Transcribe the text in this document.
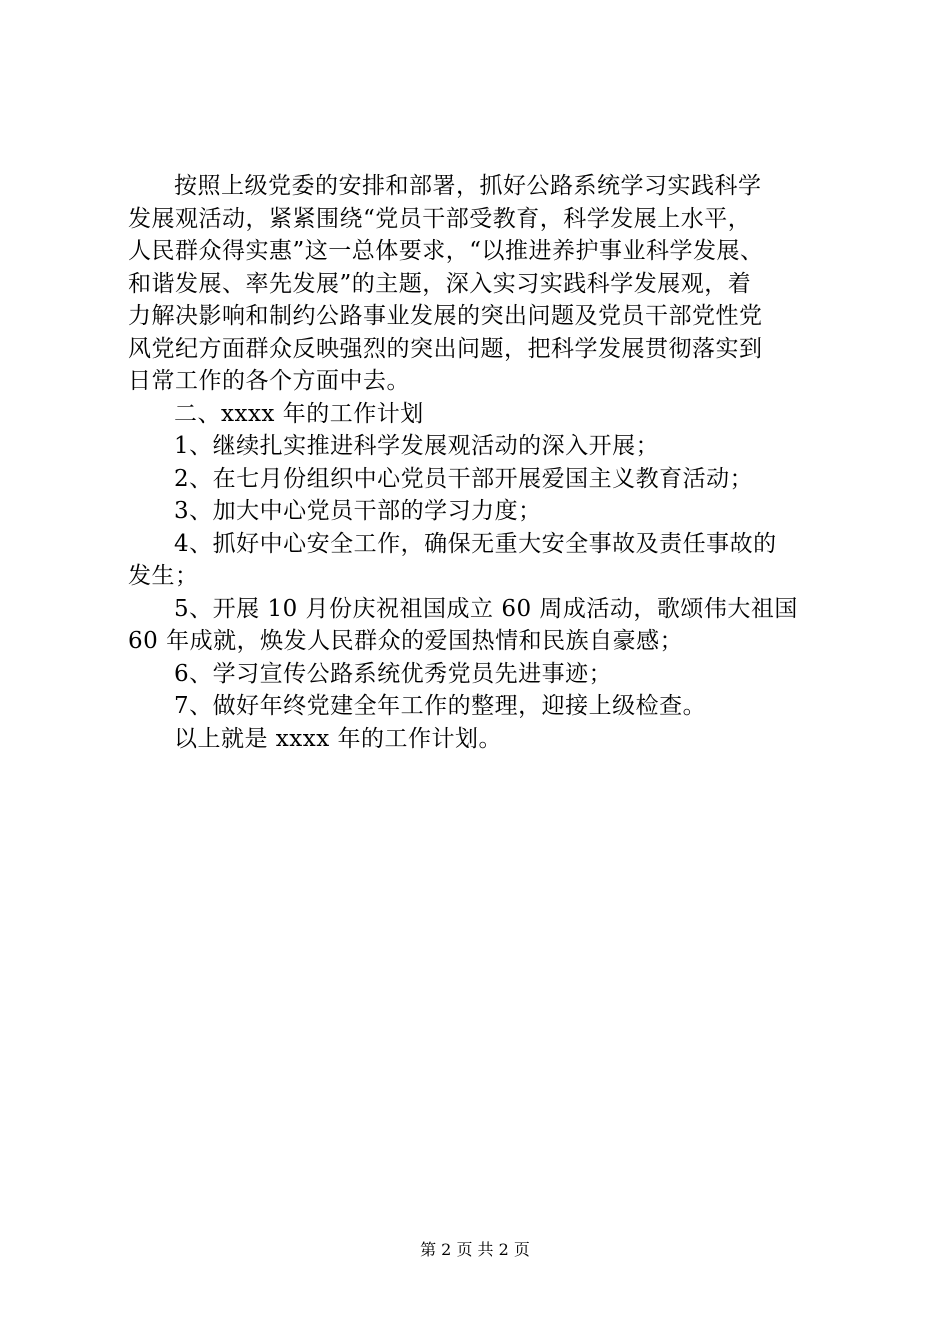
按照上级党委的安排和部署，抓好公路系统学习实践科学
发展观活动，紧紧围绕“党员干部受教育，科学发展上水平，
人民群众得实惠”这一总体要求，“以推进养护事业科学发展、
和谐发展、率先发展”的主题，深入实习实践科学发展观，着
力解决影响和制约公路事业发展的突出问题及党员干部党性党
风党纪方面群众反映强烈的突出问题，把科学发展贯彻落实到
日常工作的各个方面中去。
二、xxxx 年的工作计划
1、继续扎实推进科学发展观活动的深入开展；
2、在七月份组织中心党员干部开展爱国主义教育活动；
3、加大中心党员干部的学习力度；
4、抓好中心安全工作，确保无重大安全事故及责任事故的
发生；
5、开展 10 月份庆祝祖国成立 60 周成活动，歌颂伟大祖国
60 年成就，焕发人民群众的爱国热情和民族自豪感；
6、学习宣传公路系统优秀党员先进事迹；
7、做好年终党建全年工作的整理，迎接上级检查。
以上就是 xxxx 年的工作计划。
第 2 页 共 2 页
